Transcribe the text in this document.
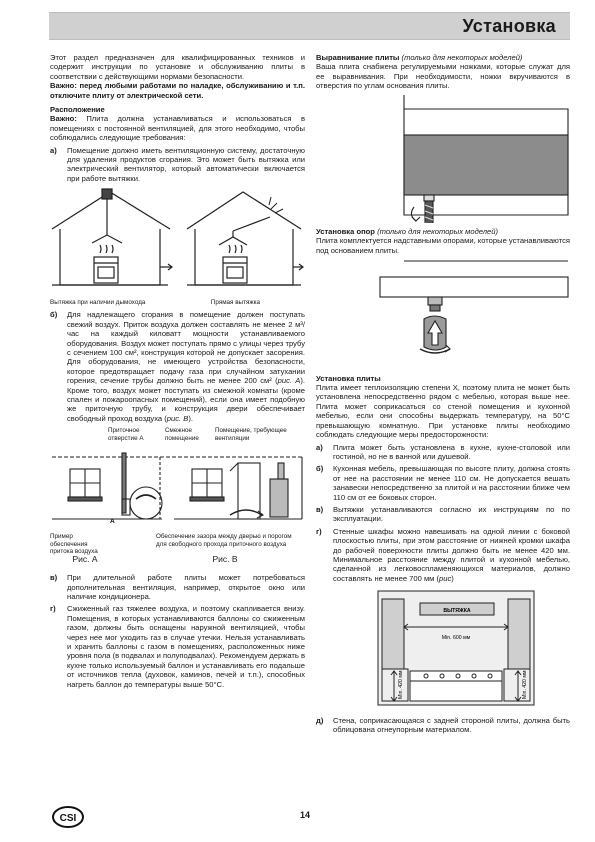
Установка

Этот раздел предназначен для квалифицированных техников и содержит инструкции по установке и обслуживанию плиты в соответствии с действующими нормами безопасности.

Важно: перед любыми работами по наладке, обслуживанию и т.п. отключите плиту от электрической сети.

Расположение

Важно: Плита должна устанавливаться и использоваться в помещениях с постоянной вентиляцией, для этого необходимо, чтобы соблюдались следующие требования:

а)	Помещение должно иметь вентиляционную систему, достаточную для удаления продуктов сгорания. Это может быть вытяжка или электрический вентилятор, который автоматически включается при работе вытяжки.
Вытяжка при наличии дымохода	Прямая вытяжка
б)	Для надлежащего сгорания в помещение должен поступать свежий воздух. Приток воздуха должен составлять не менее 2 м³/час на каждый киловатт мощности устанавливаемого оборудования. Воздух может поступать прямо с улицы через трубу с сечением 100 см², конструкция которой не допускает засорения. Для оборудования, не имеющего устройства безопасности, которое предотвращает подачу газа при случайном затухании горения, сечение трубы должно быть не менее 200 см² (рис. A). Кроме того, воздух может поступать из смежной комнаты (кроме спален и пожароопасных помещений), если она имеет подобную же приточную трубу, и конструкция двери обеспечивает свободный проход воздуха (рис. B).
Приточное отверстие А
Смежное помещение
Помещение, требующее вентиляции
A
Пример обеспечения притока воздуха
Обеспечение зазора между дверью и порогом для свободного прохода приточного воздуха
Рис. A	Рис. B
в)	При длительной работе плиты может потребоваться дополнительная вентиляция, например, открытое окно или наличие кондиционера.
г)	Сжиженный газ тяжелее воздуха, и поэтому скапливается внизу. Помещения, в которых устанавливаются баллоны со сжиженным газом, должны быть оснащены наружной вентиляцией, чтобы через нее мог уходить газ в случае утечки. Нельзя устанавливать и хранить баллоны с газом в помещениях, расположенных ниже уровня пола (в подвалах и полуподвалах). Рекомендуем держать в кухне только используемый баллон и устанавливать его подальше от источников тепла (духовок, каминов, печей и т.п.), способных нагреть баллон до температуры выше 50°С.

Выравнивание плиты (только для некоторых моделей)

Ваша плита снабжена регулируемыми ножками, которые служат для ее выравнивания. При необходимости, ножки вкручиваются в отверстия по углам основания плиты.

Установка опор (только для некоторых моделей)

Плита комплектуется надставными опорами, которые устанавливаются под основанием плиты.

Установка плиты

Плита имеет теплоизоляцию степени X, поэтому плита не может быть установлена непосредственно рядом с мебелью, которая выше нее. Плита может соприкасаться со стеной помещения и кухонной мебелью, если они способны выдержать температуру, на 50°C превышающую комнатную. При установке плиты необходимо соблюдать следующие меры предосторожности:

а)	Плита может быть установлена в кухне, кухне-столовой или гостиной, но не в ванной или душевой.
б)	Кухонная мебель, превышающая по высоте плиту, должна стоять от нее на расстоянии не менее 110 см. Не допускается вешать занавески непосредственно за плитой и на расстоянии ближе чем 110 см от ее боковых сторон.
в)	Вытяжки устанавливаются согласно их инструкциям по по эксплуатации.
г)	Стенные шкафы можно навешивать на одной линии с боковой плоскостью плиты, при этом расстояние от нижней кромки шкафа до рабочей поверхности плиты должно быть не менее 420 мм. Минимальное расстояние между плитой и кухонной мебелью, сделанной из легковоспламеняющихся материалов, должно составлять не менее 700 мм (рис)
ВЫТЯЖКА
Min. 600 мм
Min. 420 мм	Min. 420 мм
д)	Стена, соприкасающаяся с задней стороной плиты, должна быть облицована огнеупорным материалом.
CSI	14
